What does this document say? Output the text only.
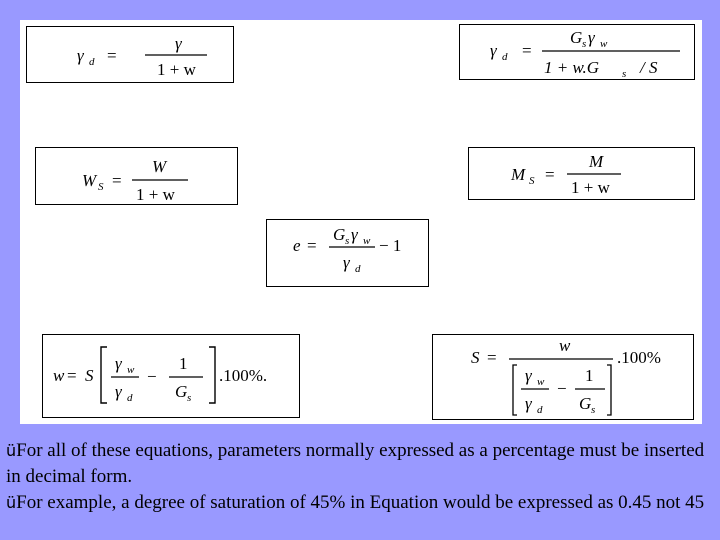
γ d =
γ
1 + w
γ d =
G s γ w
1 + w.G s / S
W S =
W
1 + w
M S =
M
1 + w
e =
G s γ w
γ d
− 1
w = S
γ w
γ d
−
1
G s
.100%.
S =
w
γ w
γ d
−
1
G s
.100%

üFor all of these equations, parameters normally expressed as a percentage must be inserted in decimal form.

üFor example, a degree of saturation of 45% in Equation would be expressed as 0.45 not 45
